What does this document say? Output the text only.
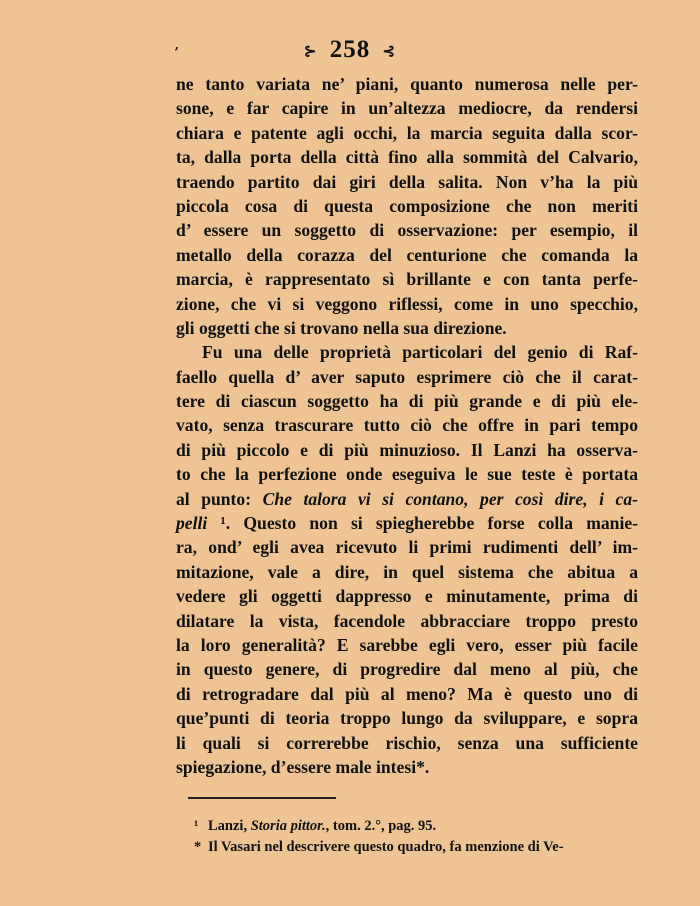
ʼ	⊱ 258 ⊰
ne tanto variata ne’ piani, quanto numerosa nelle per-
sone, e far capire in un’altezza mediocre, da rendersi
chiara e patente agli occhi, la marcia seguita dalla scor-
ta, dalla porta della città fino alla sommità del Calvario,
traendo partito dai giri della salita. Non v’ha la più
piccola cosa di questa composizione che non meriti
d’ essere un soggetto di osservazione: per esempio, il
metallo della corazza del centurione che comanda la
marcia, è rappresentato sì brillante e con tanta perfe-
zione, che vi si veggono riflessi, come in uno specchio,
gli oggetti che si trovano nella sua direzione.
Fu una delle proprietà particolari del genio di Raf-
faello quella d’ aver saputo esprimere ciò che il carat-
tere di ciascun soggetto ha di più grande e di più ele-
vato, senza trascurare tutto ciò che offre in pari tempo
di più piccolo e di più minuzioso. Il Lanzi ha osserva-
to che la perfezione onde eseguiva le sue teste è portata
al punto: Che talora vi si contano, per così dire, i ca-
pelli ¹. Questo non si spiegherebbe forse colla manie-
ra, ond’ egli avea ricevuto li primi rudimenti dell’ im-
mitazione, vale a dire, in quel sistema che abitua a
vedere gli oggetti dappresso e minutamente, prima di
dilatare la vista, facendole abbracciare troppo presto
la loro generalità? E sarebbe egli vero, esser più facile
in questo genere, di progredire dal meno al più, che
di retrogradare dal più al meno? Ma è questo uno di
que’punti di teoria troppo lungo da sviluppare, e sopra
li quali si correrebbe rischio, senza una sufficiente
spiegazione, d’essere male intesi*.
¹ Lanzi, Storia pittor., tom. 2.°, pag. 95.
* Il Vasari nel descrivere questo quadro, fa menzione di Ve-
